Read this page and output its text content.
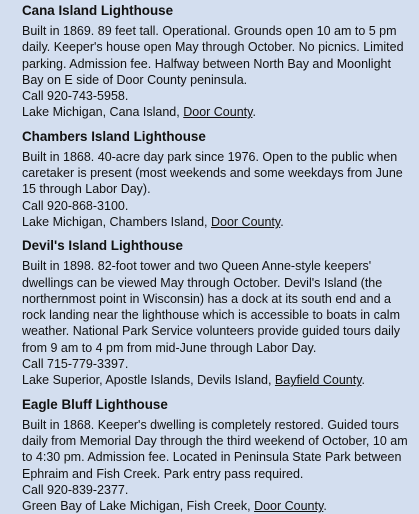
Cana Island Lighthouse

Built in 1869. 89 feet tall. Operational. Grounds open 10 am to 5 pm daily. Keeper's house open May through October. No picnics. Limited parking. Admission fee. Halfway between North Bay and Moonlight Bay on E side of Door County peninsula.

Call 920-743-5958.
Lake Michigan, Cana Island, Door County.
Chambers Island Lighthouse

Built in 1868. 40-acre day park since 1976. Open to the public when caretaker is present (most weekends and some weekdays from June 15 through Labor Day).

Call 920-868-3100.
Lake Michigan, Chambers Island, Door County.
Devil's Island Lighthouse

Built in 1898. 82-foot tower and two Queen Anne-style keepers' dwellings can be viewed May through October. Devil's Island (the northernmost point in Wisconsin) has a dock at its south end and a rock landing near the lighthouse which is accessible to boats in calm weather. National Park Service volunteers provide guided tours daily from 9 am to 4 pm from mid-June through Labor Day.

Call 715-779-3397.
Lake Superior, Apostle Islands, Devils Island, Bayfield County.
Eagle Bluff Lighthouse

Built in 1868. Keeper's dwelling is completely restored. Guided tours daily from Memorial Day through the third weekend of October, 10 am to 4:30 pm. Admission fee. Located in Peninsula State Park between Ephraim and Fish Creek. Park entry pass required.

Call 920-839-2377.
Green Bay of Lake Michigan, Fish Creek, Door County.
